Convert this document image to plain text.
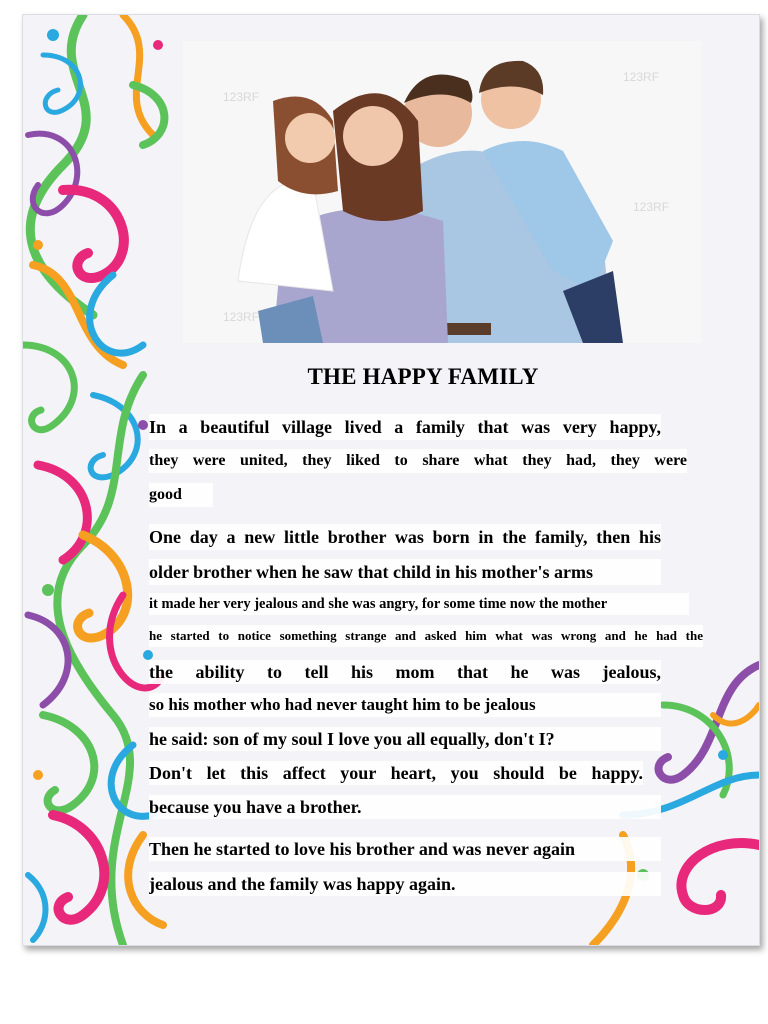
123RF
123RF
123RF
123RF
THE HAPPY FAMILY
In a beautiful village lived a family that was very happy,
they were united, they liked to share what they had, they were
good
One day a new little brother was born in the family, then his
older brother when he saw that child in his mother's arms
it made her very jealous and she was angry, for some time now the mother
he started to notice something strange and asked him what was wrong and he had the
the ability to tell his mom that he was jealous,
so his mother who had never taught him to be jealous
he said: son of my soul I love you all equally, don't I?
Don't let this affect your heart, you should be happy.
because you have a brother.
Then he started to love his brother and was never again
jealous and the family was happy again.
